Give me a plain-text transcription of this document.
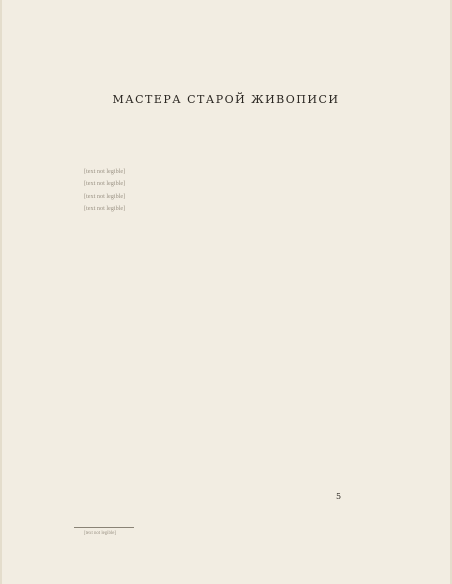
МАСТЕРА СТАРОЙ ЖИВОПИСИ

[text not legible]

[text not legible]

[text not legible]

[text not legible]

5
[text not legible]
